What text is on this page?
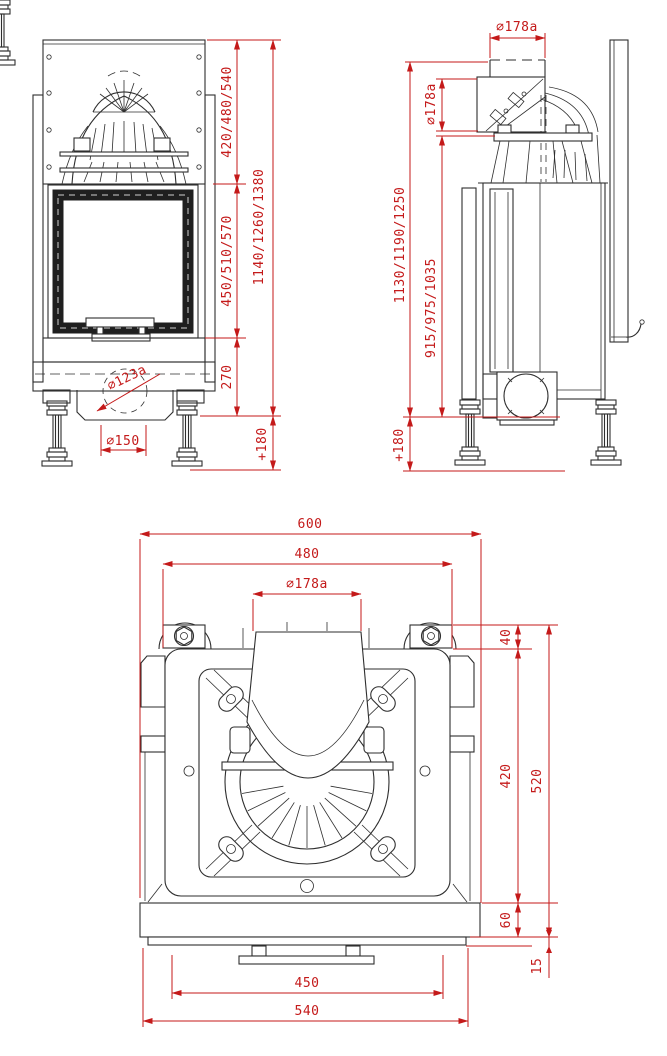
420/480/540
450/510/570
270
1140/1260/1380
+180
∅123a
∅150
∅178a
∅178a
1130/1190/1250
915/975/1035
+180
600
480
∅178a
40
420
60
520
15
450
540
